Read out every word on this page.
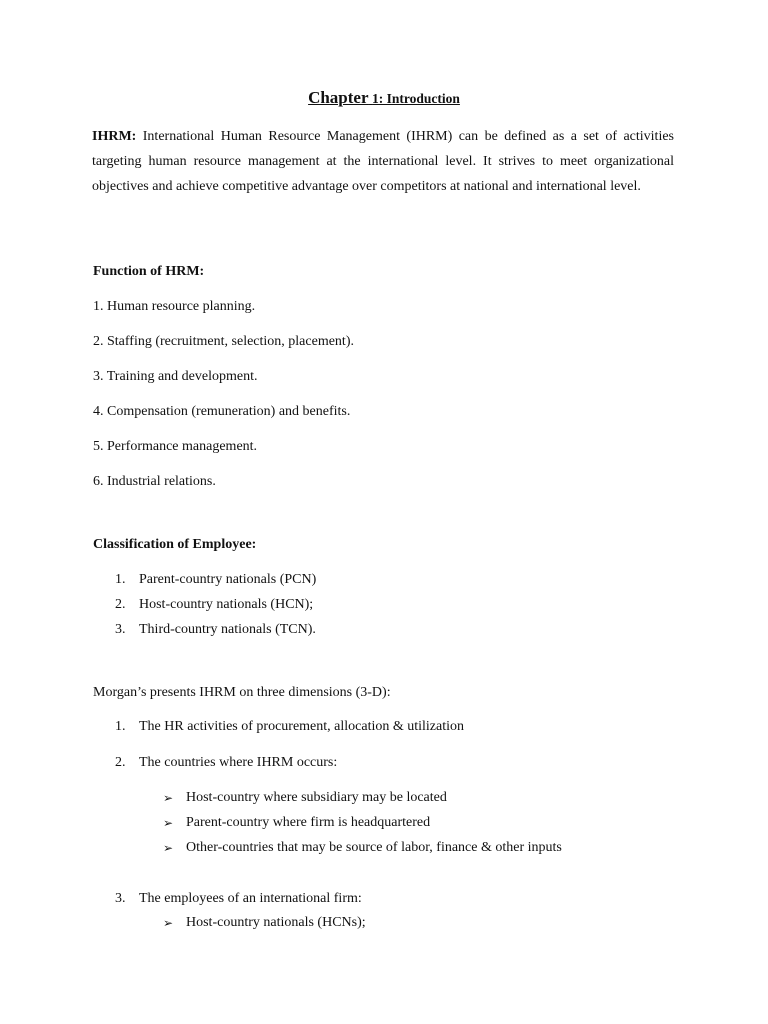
Chapter 1: Introduction
IHRM: International Human Resource Management (IHRM) can be defined as a set of activities targeting human resource management at the international level. It strives to meet organizational objectives and achieve competitive advantage over competitors at national and international level.
Function of HRM:
1. Human resource planning.
2. Staffing (recruitment, selection, placement).
3. Training and development.
4. Compensation (remuneration) and benefits.
5. Performance management.
6. Industrial relations.
Classification of Employee:
1. Parent-country nationals (PCN)
2. Host-country nationals (HCN);
3. Third-country nationals (TCN).
Morgan’s presents IHRM on three dimensions (3-D):
1. The HR activities of procurement, allocation & utilization
2. The countries where IHRM occurs:
➢ Host-country where subsidiary may be located
➢ Parent-country where firm is headquartered
➢ Other-countries that may be source of labor, finance & other inputs
3. The employees of an international firm:
➢ Host-country nationals (HCNs);
